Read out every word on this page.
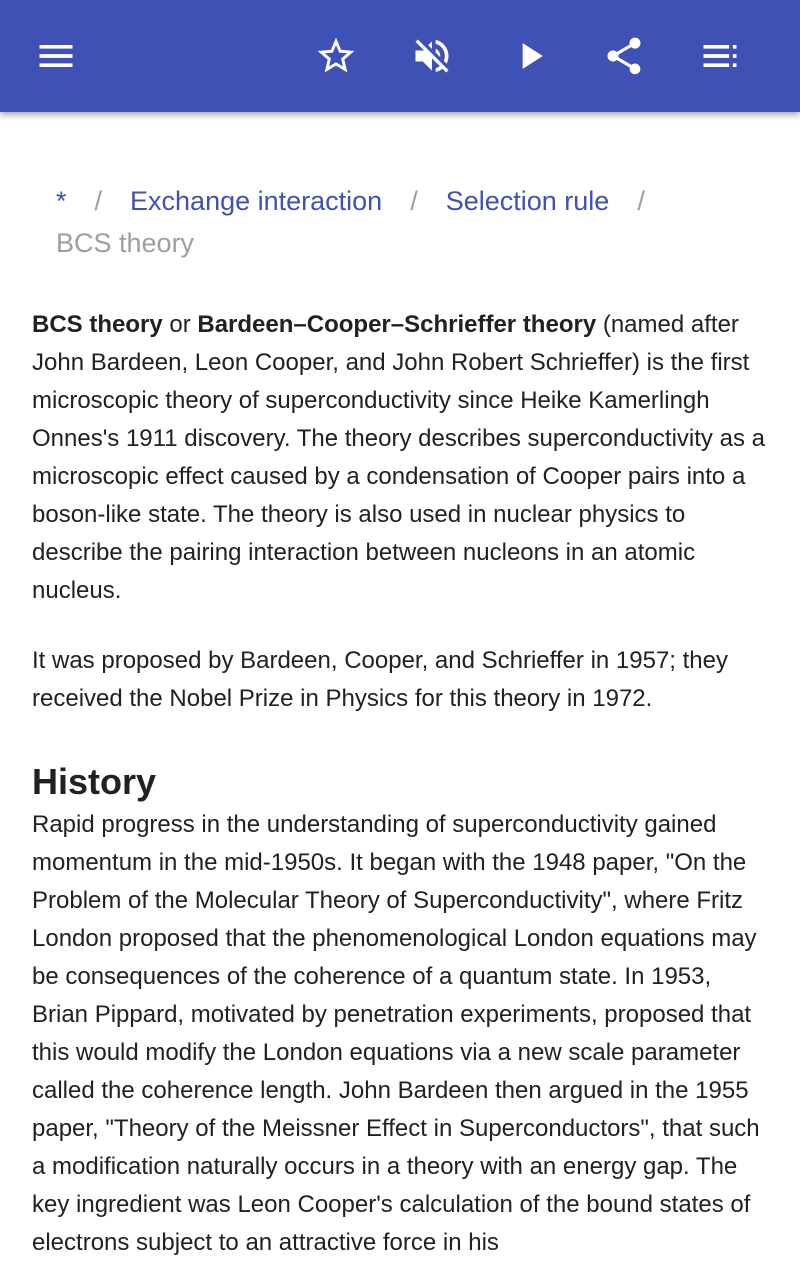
* / Exchange interaction / Selection rule /
BCS theory

BCS theory or Bardeen–Cooper–Schrieffer theory (named after John Bardeen, Leon Cooper, and John Robert Schrieffer) is the first microscopic theory of superconductivity since Heike Kamerlingh Onnes's 1911 discovery. The theory describes superconductivity as a microscopic effect caused by a condensation of Cooper pairs into a boson-like state. The theory is also used in nuclear physics to describe the pairing interaction between nucleons in an atomic nucleus.

It was proposed by Bardeen, Cooper, and Schrieffer in 1957; they received the Nobel Prize in Physics for this theory in 1972.

History

Rapid progress in the understanding of superconductivity gained momentum in the mid-1950s. It began with the 1948 paper, "On the Problem of the Molecular Theory of Superconductivity", where Fritz London proposed that the phenomenological London equations may be consequences of the coherence of a quantum state. In 1953, Brian Pippard, motivated by penetration experiments, proposed that this would modify the London equations via a new scale parameter called the coherence length. John Bardeen then argued in the 1955 paper, "Theory of the Meissner Effect in Superconductors", that such a modification naturally occurs in a theory with an energy gap. The key ingredient was Leon Cooper's calculation of the bound states of electrons subject to an attractive force in his
